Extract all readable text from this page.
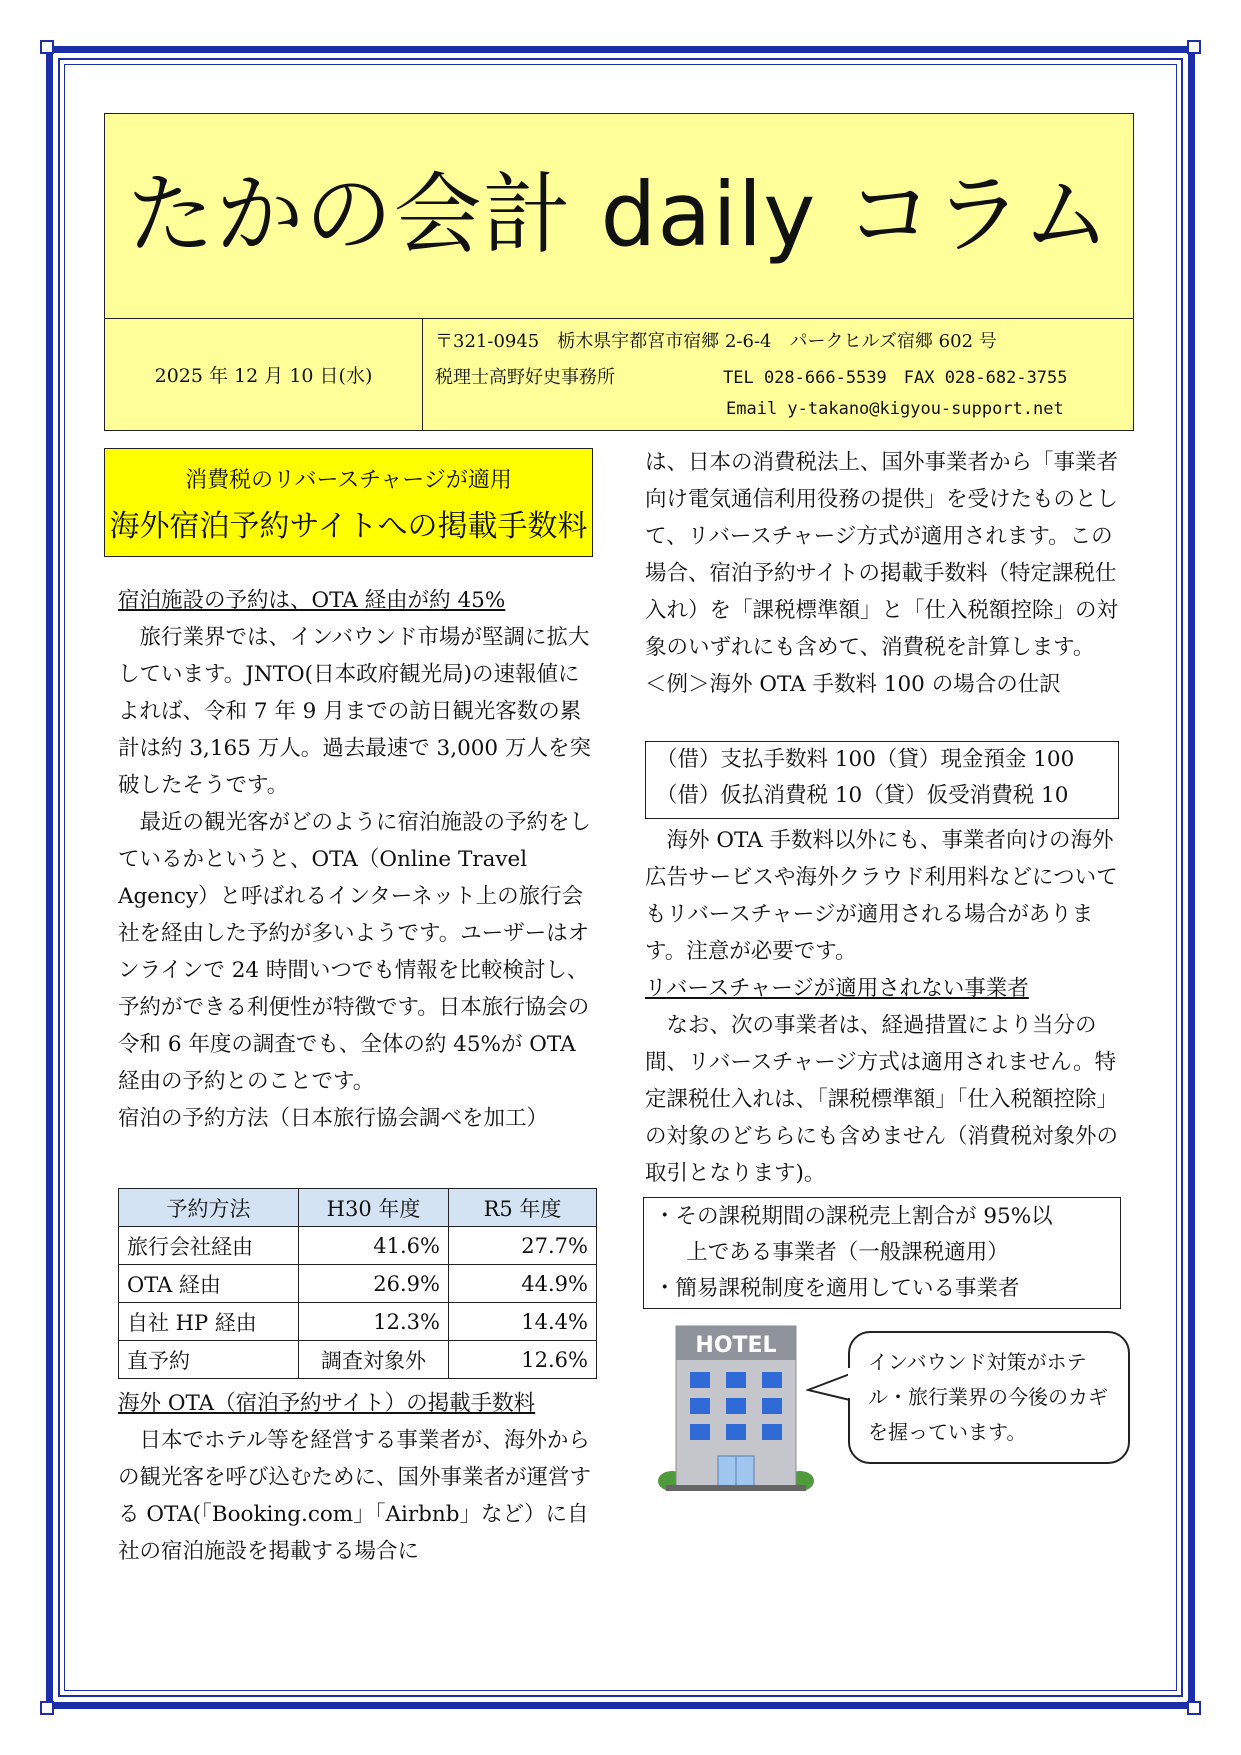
たかの会計 daily コラム
2025 年 12 月 10 日(水)
〒321-0945　栃木県宇都宮市宿郷 2-6-4　パークヒルズ宿郷 602 号
税理士高野好史事務所	TEL 028-666-5539　FAX 028-682-3755
Email y-takano@kigyou-support.net
消費税のリバースチャージが適用
海外宿泊予約サイトへの掲載手数料
宿泊施設の予約は、OTA 経由が約 45%

旅行業界では、インバウンド市場が堅調に拡大しています。JNTO(日本政府観光局)の速報値によれば、令和 7 年 9 月までの訪日観光客数の累計は約 3,165 万人。過去最速で 3,000 万人を突破したそうです。

最近の観光客がどのように宿泊施設の予約をしているかというと、OTA（Online Travel Agency）と呼ばれるインターネット上の旅行会社を経由した予約が多いようです。ユーザーはオンラインで 24 時間いつでも情報を比較検討し、予約ができる利便性が特徴です。日本旅行協会の令和 6 年度の調査でも、全体の約 45%が OTA 経由の予約とのことです。

宿泊の予約方法（日本旅行協会調べを加工）
予約方法	H30 年度	R5 年度
旅行会社経由	41.6%	27.7%
OTA 経由	26.9%	44.9%
自社 HP 経由	12.3%	14.4%
直予約	調査対象外	12.6%
海外 OTA（宿泊予約サイト）の掲載手数料

日本でホテル等を経営する事業者が、海外からの観光客を呼び込むために、国外事業者が運営する OTA(「Booking.com」「Airbnb」など）に自社の宿泊施設を掲載する場合に

は、日本の消費税法上、国外事業者から「事業者向け電気通信利用役務の提供」を受けたものとして、リバースチャージ方式が適用されます。この場合、宿泊予約サイトの掲載手数料（特定課税仕入れ）を「課税標準額」と「仕入税額控除」の対象のいずれにも含めて、消費税を計算します。

＜例＞海外 OTA 手数料 100 の場合の仕訳
（借）支払手数料 100（貸）現金預金 100
（借）仮払消費税 10（貸）仮受消費税 10

海外 OTA 手数料以外にも、事業者向けの海外広告サービスや海外クラウド利用料などについてもリバースチャージが適用される場合があります。注意が必要です。

リバースチャージが適用されない事業者

なお、次の事業者は、経過措置により当分の間、リバースチャージ方式は適用されません。特定課税仕入れは、「課税標準額」「仕入税額控除」の対象のどちらにも含めません（消費税対象外の取引となります)。

・その課税期間の課税売上割合が 95%以
上である事業者（一般課税適用）
・簡易課税制度を適用している事業者
HOTEL
インバウンド対策がホテル・旅行業界の今後のカギを握っています。
